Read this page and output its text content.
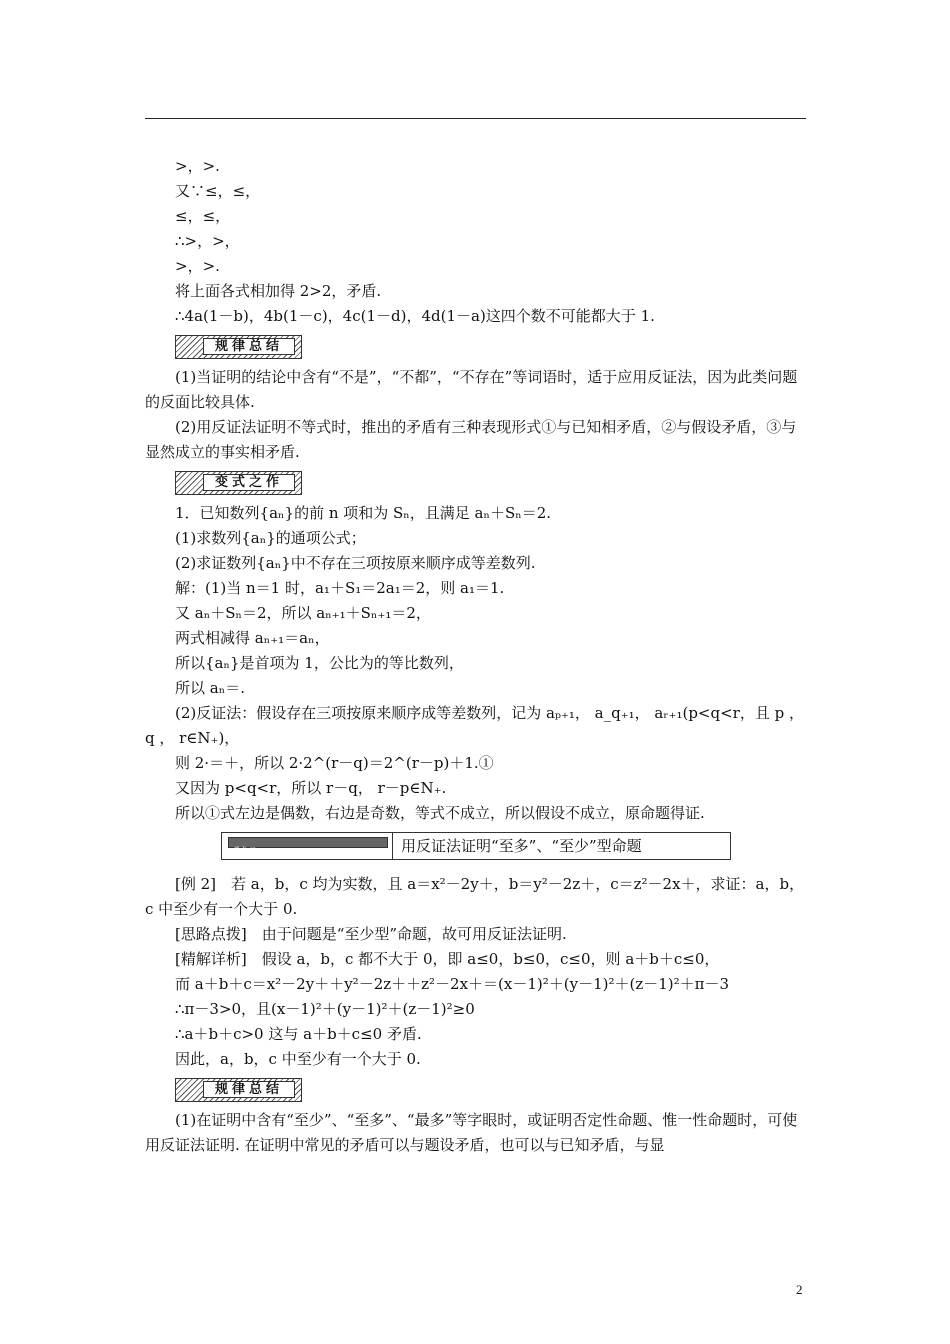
>，>.
又∵≤，≤，
≤，≤，
∴>，>，
>，>.
将上面各式相加得 2>2，矛盾.
∴4a(1－b)，4b(1－c)，4c(1－d)，4d(1－a)这四个数不可能都大于 1.
规律总结
(1)当证明的结论中含有“不是”，“不都”，“不存在”等词语时，适于应用反证法，因为此类问题的反面比较具体.
(2)用反证法证明不等式时，推出的矛盾有三种表现形式①与已知相矛盾，②与假设矛盾，③与显然成立的事实相矛盾.
变式之作
1．已知数列{aₙ}的前 n 项和为 Sₙ，且满足 aₙ＋Sₙ＝2.
(1)求数列{aₙ}的通项公式；
(2)求证数列{aₙ}中不存在三项按原来顺序成等差数列.
解：(1)当 n＝1 时，a₁＋S₁＝2a₁＝2，则 a₁＝1.
又 aₙ＋Sₙ＝2，所以 aₙ₊₁＋Sₙ₊₁＝2，
两式相减得 aₙ₊₁＝aₙ，
所以{aₙ}是首项为 1，公比为的等比数列，
所以 aₙ＝.
(2)反证法：假设存在三项按原来顺序成等差数列，记为 aₚ₊₁， a_q₊₁， aᵣ₊₁(p<q<r，且 p ， q ， r∈N₊)，
则 2·＝＋，所以 2·2^(r－q)＝2^(r－p)＋1.①
又因为 p<q<r，所以 r－q， r－p∈N₊.
所以①式左边是偶数，右边是奇数，等式不成立，所以假设不成立，原命题得证.
考点 二	用反证法证明“至多”、“至少”型命题
[例 2]　若 a，b，c 均为实数，且 a＝x²－2y＋，b＝y²－2z＋，c＝z²－2x＋，求证：a，b，c 中至少有一个大于 0.
[思路点拨]　由于问题是“至少型”命题，故可用反证法证明.
[精解详析]　假设 a，b，c 都不大于 0，即 a≤0，b≤0，c≤0，则 a＋b＋c≤0，
而 a＋b＋c＝x²－2y＋＋y²－2z＋＋z²－2x＋＝(x－1)²＋(y－1)²＋(z－1)²＋π－3
∴π－3>0，且(x－1)²＋(y－1)²＋(z－1)²≥0
∴a＋b＋c>0 这与 a＋b＋c≤0 矛盾.
因此，a，b，c 中至少有一个大于 0.
规律总结
(1)在证明中含有“至少”、“至多”、“最多”等字眼时，或证明否定性命题、惟一性命题时，可使用反证法证明. 在证明中常见的矛盾可以与题设矛盾，也可以与已知矛盾，与显
2
